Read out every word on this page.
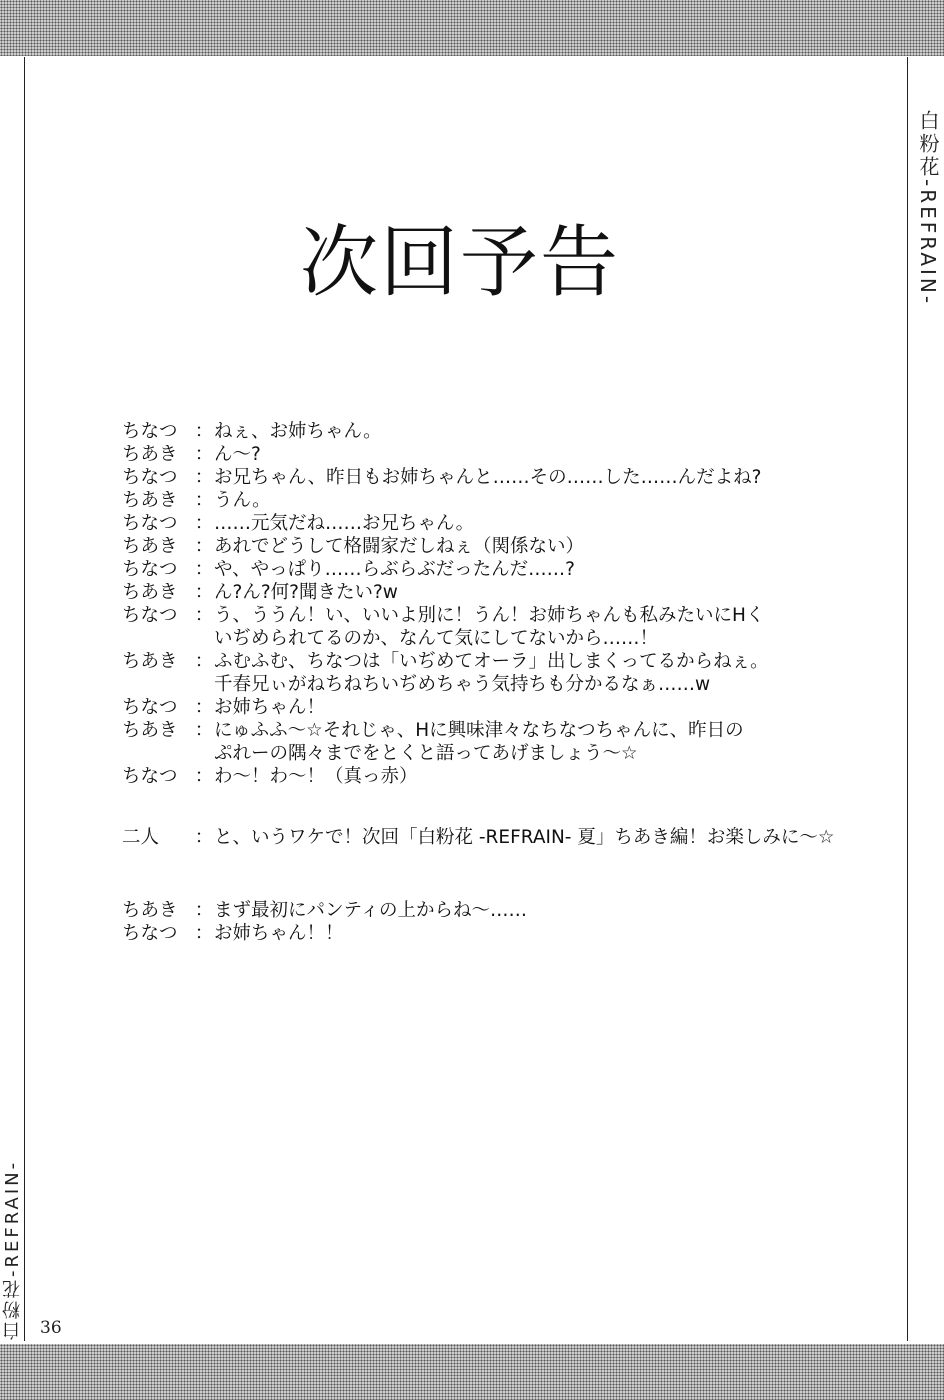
白粉花-REFRAIN-
白粉花-REFRAIN-
次回予告
ちなつ ： ねぇ、お姉ちゃん。
ちあき ： ん～?
ちなつ ： お兄ちゃん、昨日もお姉ちゃんと……その……した……んだよね?
ちあき ： うん。
ちなつ ： ……元気だね……お兄ちゃん。
ちあき ： あれでどうして格闘家だしねぇ（関係ない）
ちなつ ： や、やっぱり……らぶらぶだったんだ……?
ちあき ： ん?ん?何?聞きたい?w
ちなつ ： う、ううん！い、いいよ別に！うん！お姉ちゃんも私みたいにHく
いぢめられてるのか、なんて気にしてないから……！
ちあき ： ふむふむ、ちなつは「いぢめてオーラ」出しまくってるからねぇ。
千春兄ぃがねちねちいぢめちゃう気持ちも分かるなぁ……w
ちなつ ： お姉ちゃん！
ちあき ： にゅふふ～☆それじゃ、Hに興味津々なちなつちゃんに、昨日の
ぷれーの隅々までをとくと語ってあげましょう～☆
ちなつ ： わ～！わ～！（真っ赤）
二人	： と、いうワケで！次回「白粉花 -REFRAIN- 夏」ちあき編！お楽しみに～☆
ちあき ： まず最初にパンティの上からね～……
ちなつ ： お姉ちゃん！！
36
